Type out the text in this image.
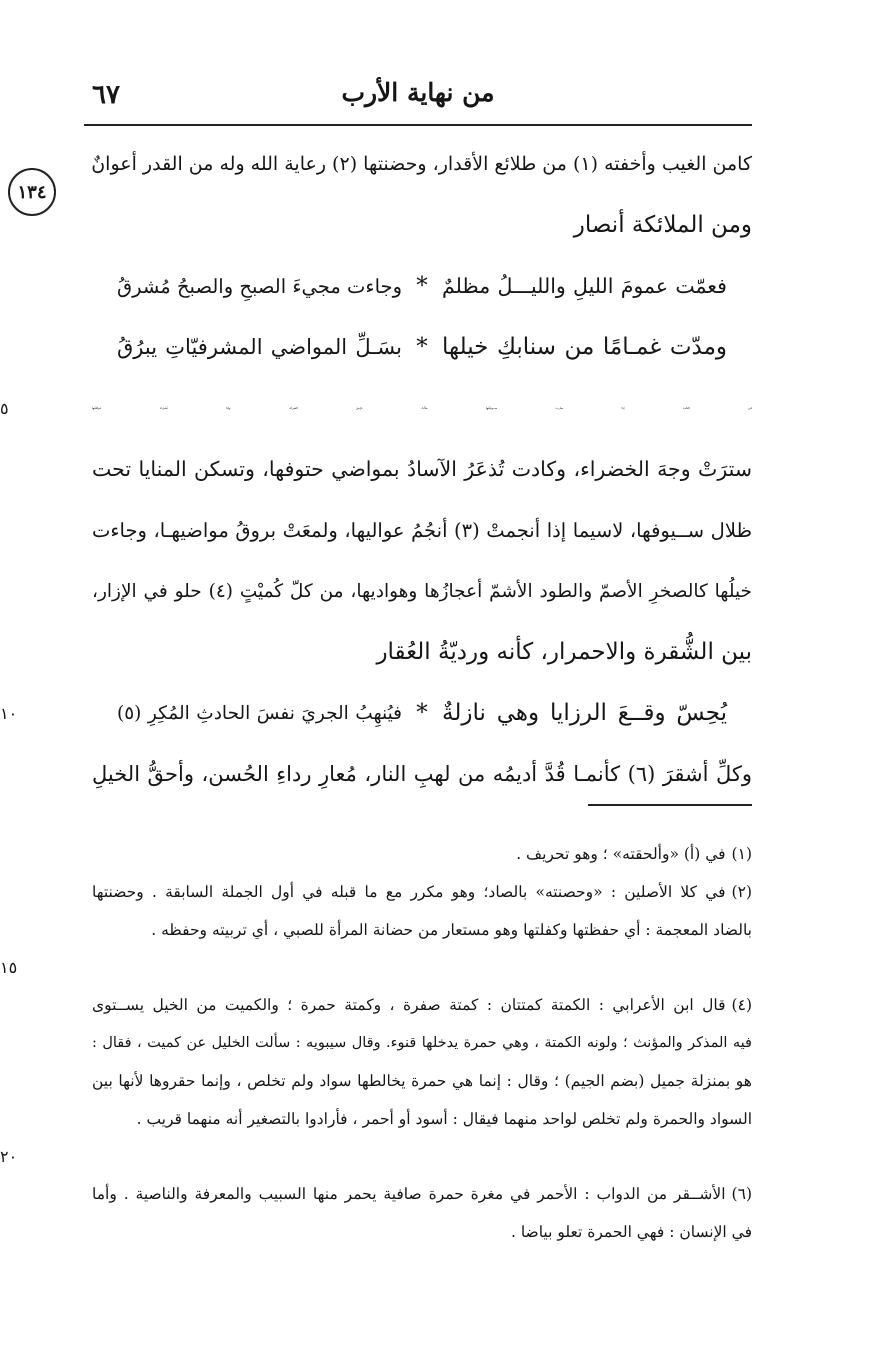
٦٧	من نهاية الأرب
١٣٤
كامن الغيب وأخفته (١) من طلائع الأقدار، وحضنتها (٢) رعاية الله وله من القدر أعوانٌ
ومن الملائكة أنصار
فعمّت عمومَ الليلِ والليـــلُ مظلمٌ
*
وجاءت مجيءَ الصبحِ والصبحُ مُشرقُ
ومدّت غمـامًا من سنابكِ خيلها
*
بسَـلِّ المواضي المشرفيّاتِ يبرُقُ
في كتائبَ إذا سارت ســوابقُها ملأَتْ عرْضَ الغبراء، وإذا نُشرَتْ خوافقُها
٥
سترَتْ وجهَ الخضراء، وكادت تُذعَرُ الآسادُ بمواضي حتوفها، وتسكن المنايا تحت
ظلال ســيوفها، لاسيما إذا أنجمتْ (٣) أنجُمُ عواليها، ولمعَتْ بروقُ مواضيهـا، وجاءت
خيلُها كالصخرِ الأصمّ والطود الأشمّ أعجازُها وهواديها، من كلّ كُميْتٍ (٤) حلو في الإزار،
بين الشُّقرة والاحمرار، كأنه ورديّةُ العُقار
يُحِسّ وقــعَ الرزايا وهي نازلةٌ
*
فيُنهِبُ الجريَ نفسَ الحادثِ المُكِرِ (٥)
١٠
وكلِّ أشقرَ (٦) كأنمـا قُدَّ أديمُه من لهبِ النار، مُعارِ رداءِ الحُسن، وأحقُّ الخيلِ
(١)في (أ) «وألحقته» ؛ وهو تحريف .
(٢)في كلا الأصلين : «وحصنته» بالصاد؛ وهو مكرر مع ما قبله في أول الجملة السابقة . وحضنتها
بالضاد المعجمة : أي حفظتها وكفلتها وهو مستعار من حضانة المرأة للصبي ، أي تربيته وحفظه .
١٥
(٤)قال ابن الأعرابي : الكمتة كمتتان : كمتة صفرة ، وكمتة حمرة ؛ والكميت من الخيل يســتوى
فيه المذكر والمؤنث ؛ ولونه الكمتة ، وهي حمرة يدخلها قنوء. وقال سيبويه : سألت الخليل عن كميت ، فقال :
هو بمنزلة جميل (بضم الجيم) ؛ وقال : إنما هي حمرة يخالطها سواد ولم تخلص ، وإنما حقروها لأنها بين
السواد والحمرة ولم تخلص لواحد منهما فيقال : أسود أو أحمر ، فأرادوا بالتصغير أنه منهما قريب .
٢٠
(٦)الأشــقر من الدواب : الأحمر في مغرة حمرة صافية يحمر منها السبيب والمعرفة والناصية . وأما
في الإنسان : فهي الحمرة تعلو بياضا .
